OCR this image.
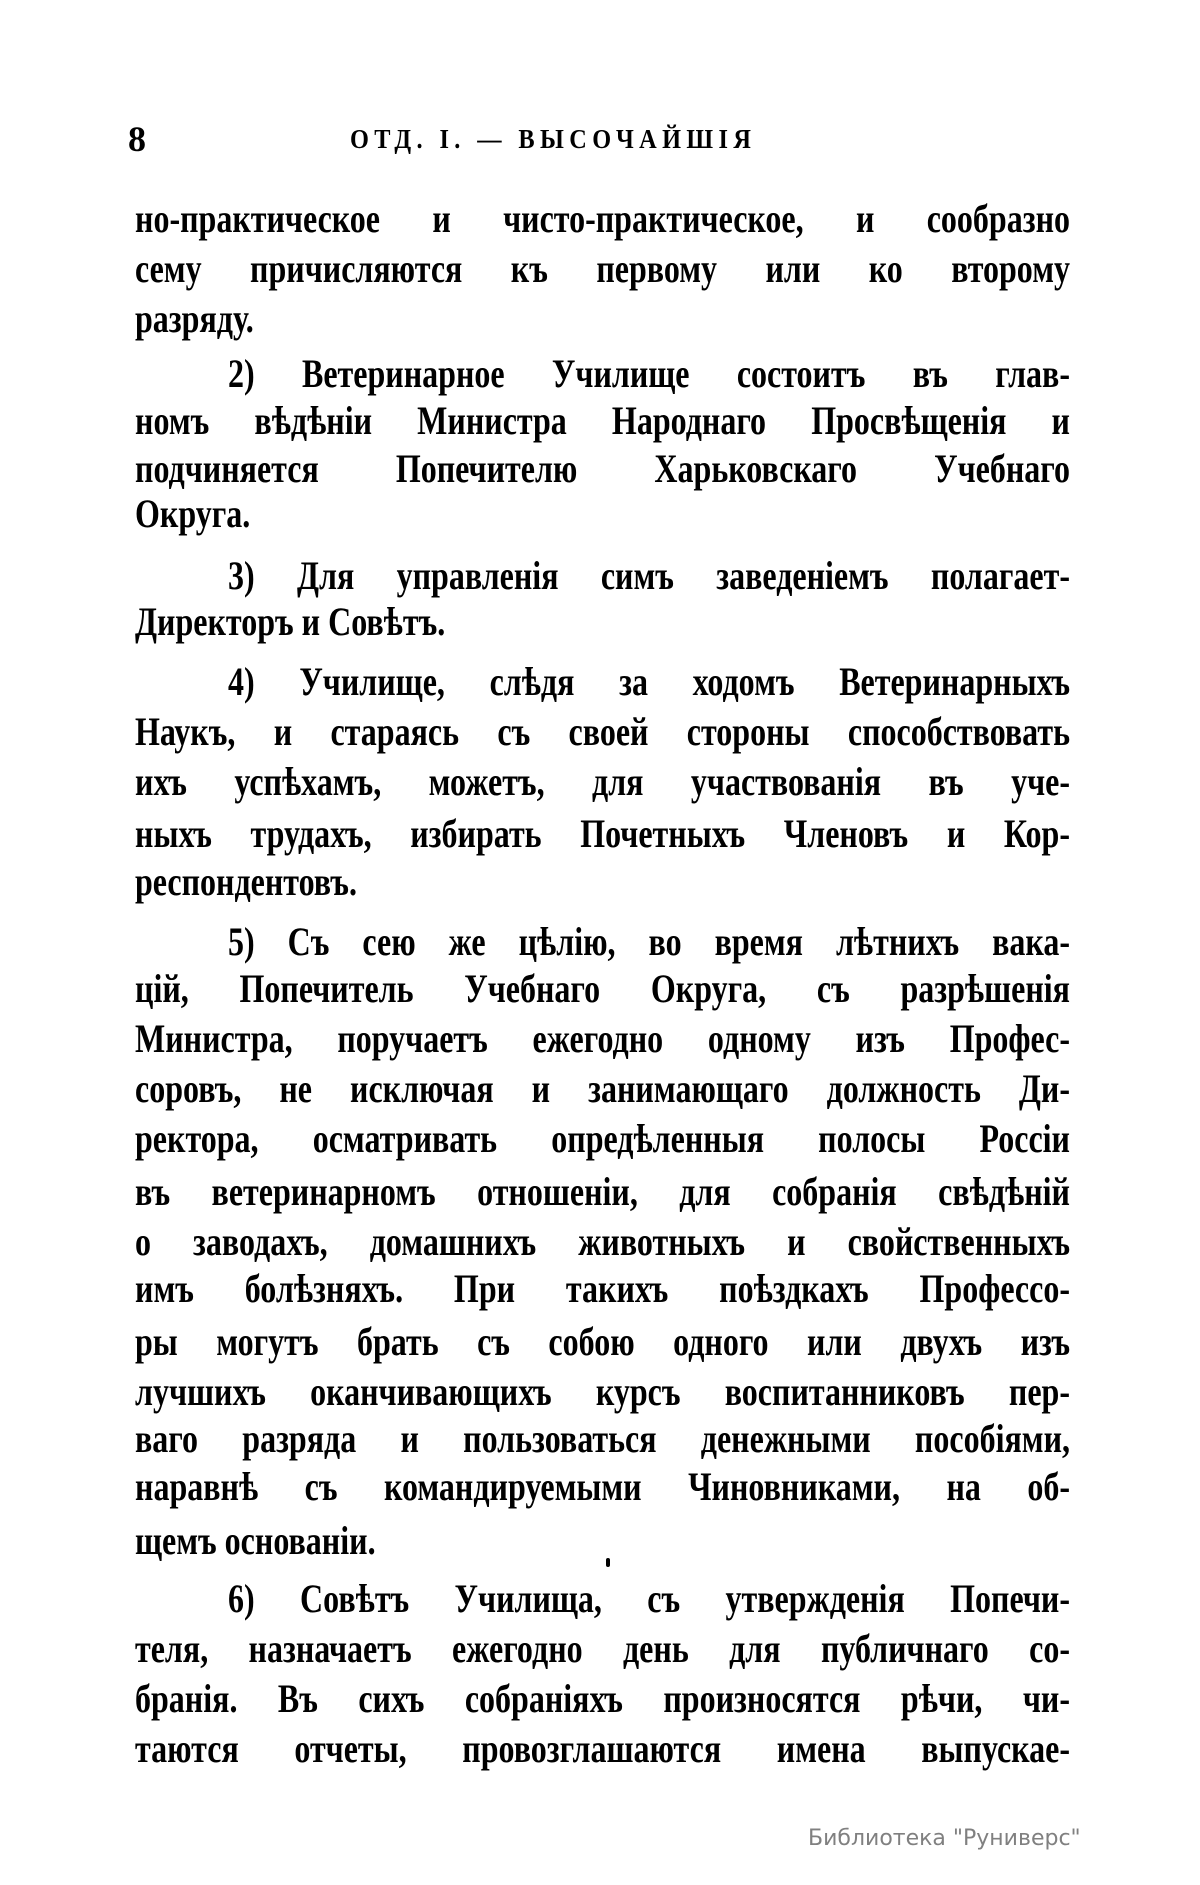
8	ОТД. I. — ВЫСОЧАЙШІЯ
но-практическое и чисто-практическое, и сообразно
сему причисляются къ первому или ко второму
разряду.
2) Ветеринарное Училище состоитъ въ глав-
номъ вѣдѣніи Министра Народнаго Просвѣщенія и
подчиняется Попечителю Харьковскаго Учебнаго
Округа.
3) Для управленія симъ заведеніемъ полагает-
Директоръ и Совѣтъ.
4) Училище, слѣдя за ходомъ Ветеринарныхъ
Наукъ, и стараясь съ своей стороны способствовать
ихъ успѣхамъ, можетъ, для участвованія въ уче-
ныхъ трудахъ, избирать Почетныхъ Членовъ и Кор-
респондентовъ.
5) Съ сею же цѣлію, во время лѣтнихъ вака-
цій, Попечитель Учебнаго Округа, съ разрѣшенія
Министра, поручаетъ ежегодно одному изъ Профес-
соровъ, не исключая и занимающаго должность Ди-
ректора, осматривать опредѣленныя полосы Россіи
въ ветеринарномъ отношеніи, для собранія свѣдѣній
о заводахъ, домашнихъ животныхъ и свойственныхъ
имъ болѣзняхъ. При такихъ поѣздкахъ Профессо-
ры могутъ брать съ собою одного или двухъ изъ
лучшихъ оканчивающихъ курсъ воспитанниковъ пер-
ваго разряда и пользоваться денежными пособіями,
наравнѣ съ командируемыми Чиновниками, на об-
щемъ основаніи.
6) Совѣтъ Училища, съ утвержденія Попечи-
теля, назначаетъ ежегодно день для публичнаго со-
бранія. Въ сихъ собраніяхъ произносятся рѣчи, чи-
таются отчеты, провозглашаются имена выпускае-
Библиотека "Руниверс"
